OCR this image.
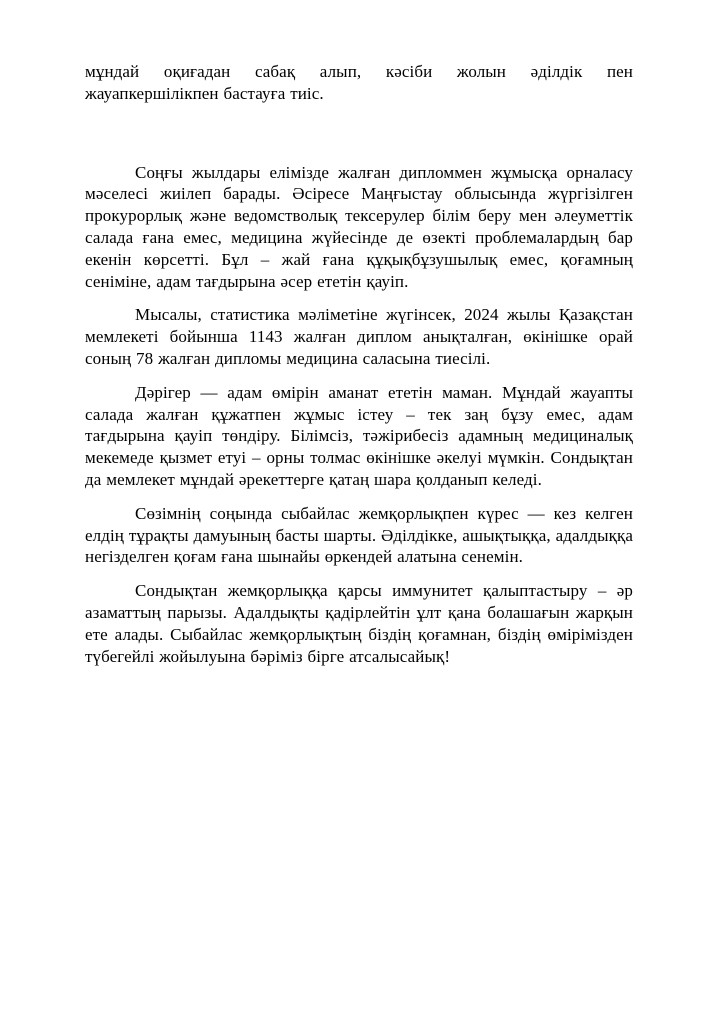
мұндай оқиғадан сабақ алып, кәсіби жолын әділдік пен жауапкершілікпен бастауға тиіс.

Соңғы жылдары елімізде жалған дипломмен жұмысқа орналасу мәселесі жиілеп барады. Әсіресе Маңғыстау облысында жүргізілген прокурорлық және ведомстволық тексерулер білім беру мен әлеуметтік салада ғана емес, медицина жүйесінде де өзекті проблемалардың бар екенін көрсетті. Бұл – жай ғана құқықбұзушылық емес, қоғамның сеніміне, адам тағдырына әсер ететін қауіп.

Мысалы, статистика мәліметіне жүгінсек, 2024 жылы Қазақстан мемлекеті бойынша 1143 жалған диплом анықталған, өкінішке орай соның 78 жалған дипломы медицина саласына тиесілі.

Дәрігер — адам өмірін аманат ететін маман. Мұндай жауапты салада жалған құжатпен жұмыс істеу – тек заң бұзу емес, адам тағдырына қауіп төндіру. Білімсіз, тәжірибесіз адамның медициналық мекемеде қызмет етуі – орны толмас өкінішке әкелуі мүмкін. Сондықтан да мемлекет мұндай әрекеттерге қатаң шара қолданып келеді.

Сөзімнің соңында сыбайлас жемқорлықпен күрес — кез келген елдің тұрақты дамуының басты шарты. Әділдікке, ашықтыққа, адалдыққа негізделген қоғам ғана шынайы өркендей алатына сенемін.

Сондықтан жемқорлыққа қарсы иммунитет қалыптастыру – әр азаматтың парызы. Адалдықты қадірлейтін ұлт қана болашағын жарқын ете алады. Сыбайлас жемқорлықтың біздің қоғамнан, біздің өмірімізден түбегейлі жойылуына бәріміз бірге атсалысайық!
